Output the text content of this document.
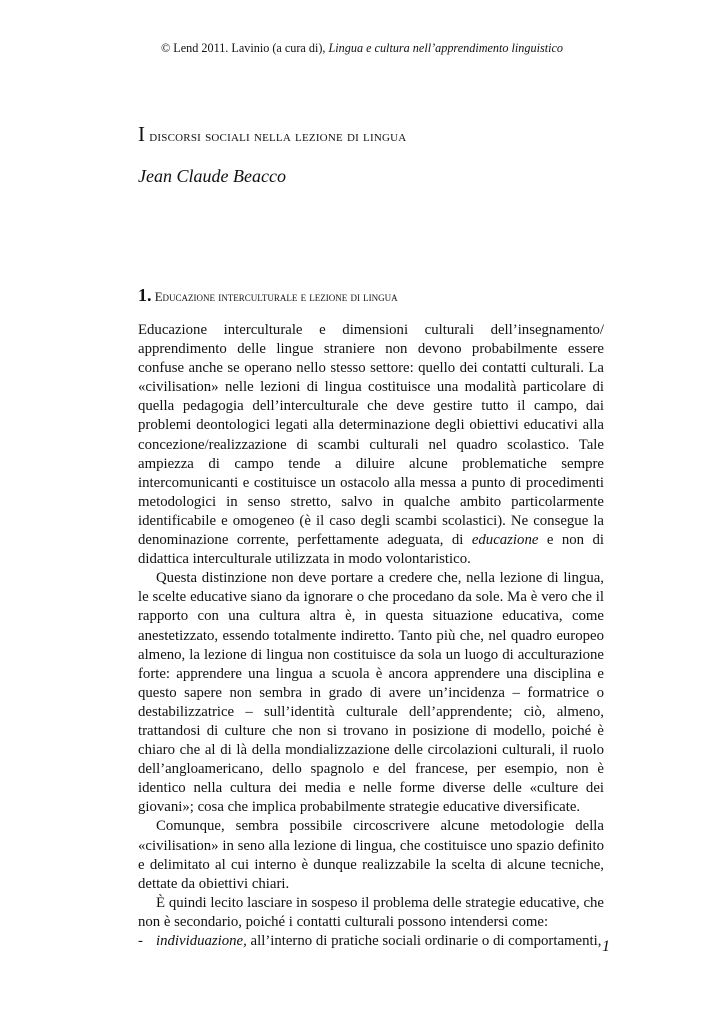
© Lend 2011. Lavinio (a cura di), Lingua e cultura nell’apprendimento linguistico
I discorsi sociali nella lezione di lingua
Jean Claude Beacco
1. Educazione interculturale e lezione di lingua

Educazione interculturale e dimensioni culturali dell’insegnamento/ apprendimento delle lingue straniere non devono probabilmente essere confuse anche se operano nello stesso settore: quello dei contatti culturali. La «civilisation» nelle lezioni di lingua costituisce una modalità particolare di quella pedagogia dell’interculturale che deve gestire tutto il campo, dai problemi deontologici legati alla determinazione degli obiettivi educativi alla concezione/realizzazione di scambi culturali nel quadro scolastico. Tale ampiezza di campo tende a diluire alcune problematiche sempre intercomunicanti e costituisce un ostacolo alla messa a punto di procedimenti metodologici in senso stretto, salvo in qualche ambito particolarmente identificabile e omogeneo (è il caso degli scambi scolastici). Ne consegue la denominazione corrente, perfettamente adeguata, di educazione e non di didattica interculturale utilizzata in modo volontaristico.

Questa distinzione non deve portare a credere che, nella lezione di lingua, le scelte educative siano da ignorare o che procedano da sole. Ma è vero che il rapporto con una cultura altra è, in questa situazione educativa, come anestetizzato, essendo totalmente indiretto. Tanto più che, nel quadro europeo almeno, la lezione di lingua non costituisce da sola un luogo di acculturazione forte: apprendere una lingua a scuola è ancora apprendere una disciplina e questo sapere non sembra in grado di avere un’incidenza – formatrice o destabilizzatrice – sull’identità culturale dell’apprendente; ciò, almeno, trattandosi di culture che non si trovano in posizione di modello, poiché è chiaro che al di là della mondializzazione delle circolazioni culturali, il ruolo dell’angloamericano, dello spagnolo e del francese, per esempio, non è identico nella cultura dei media e nelle forme diverse delle «culture dei giovani»; cosa che implica probabilmente strategie educative diversificate.

Comunque, sembra possibile circoscrivere alcune metodologie della «civilisation» in seno alla lezione di lingua, che costituisce uno spazio definito e delimitato al cui interno è dunque realizzabile la scelta di alcune tecniche, dettate da obiettivi chiari.

È quindi lecito lasciare in sospeso il problema delle strategie educative, che non è secondario, poiché i contatti culturali possono intendersi come:

- individuazione, all’interno di pratiche sociali ordinarie o di comportamenti, 1
